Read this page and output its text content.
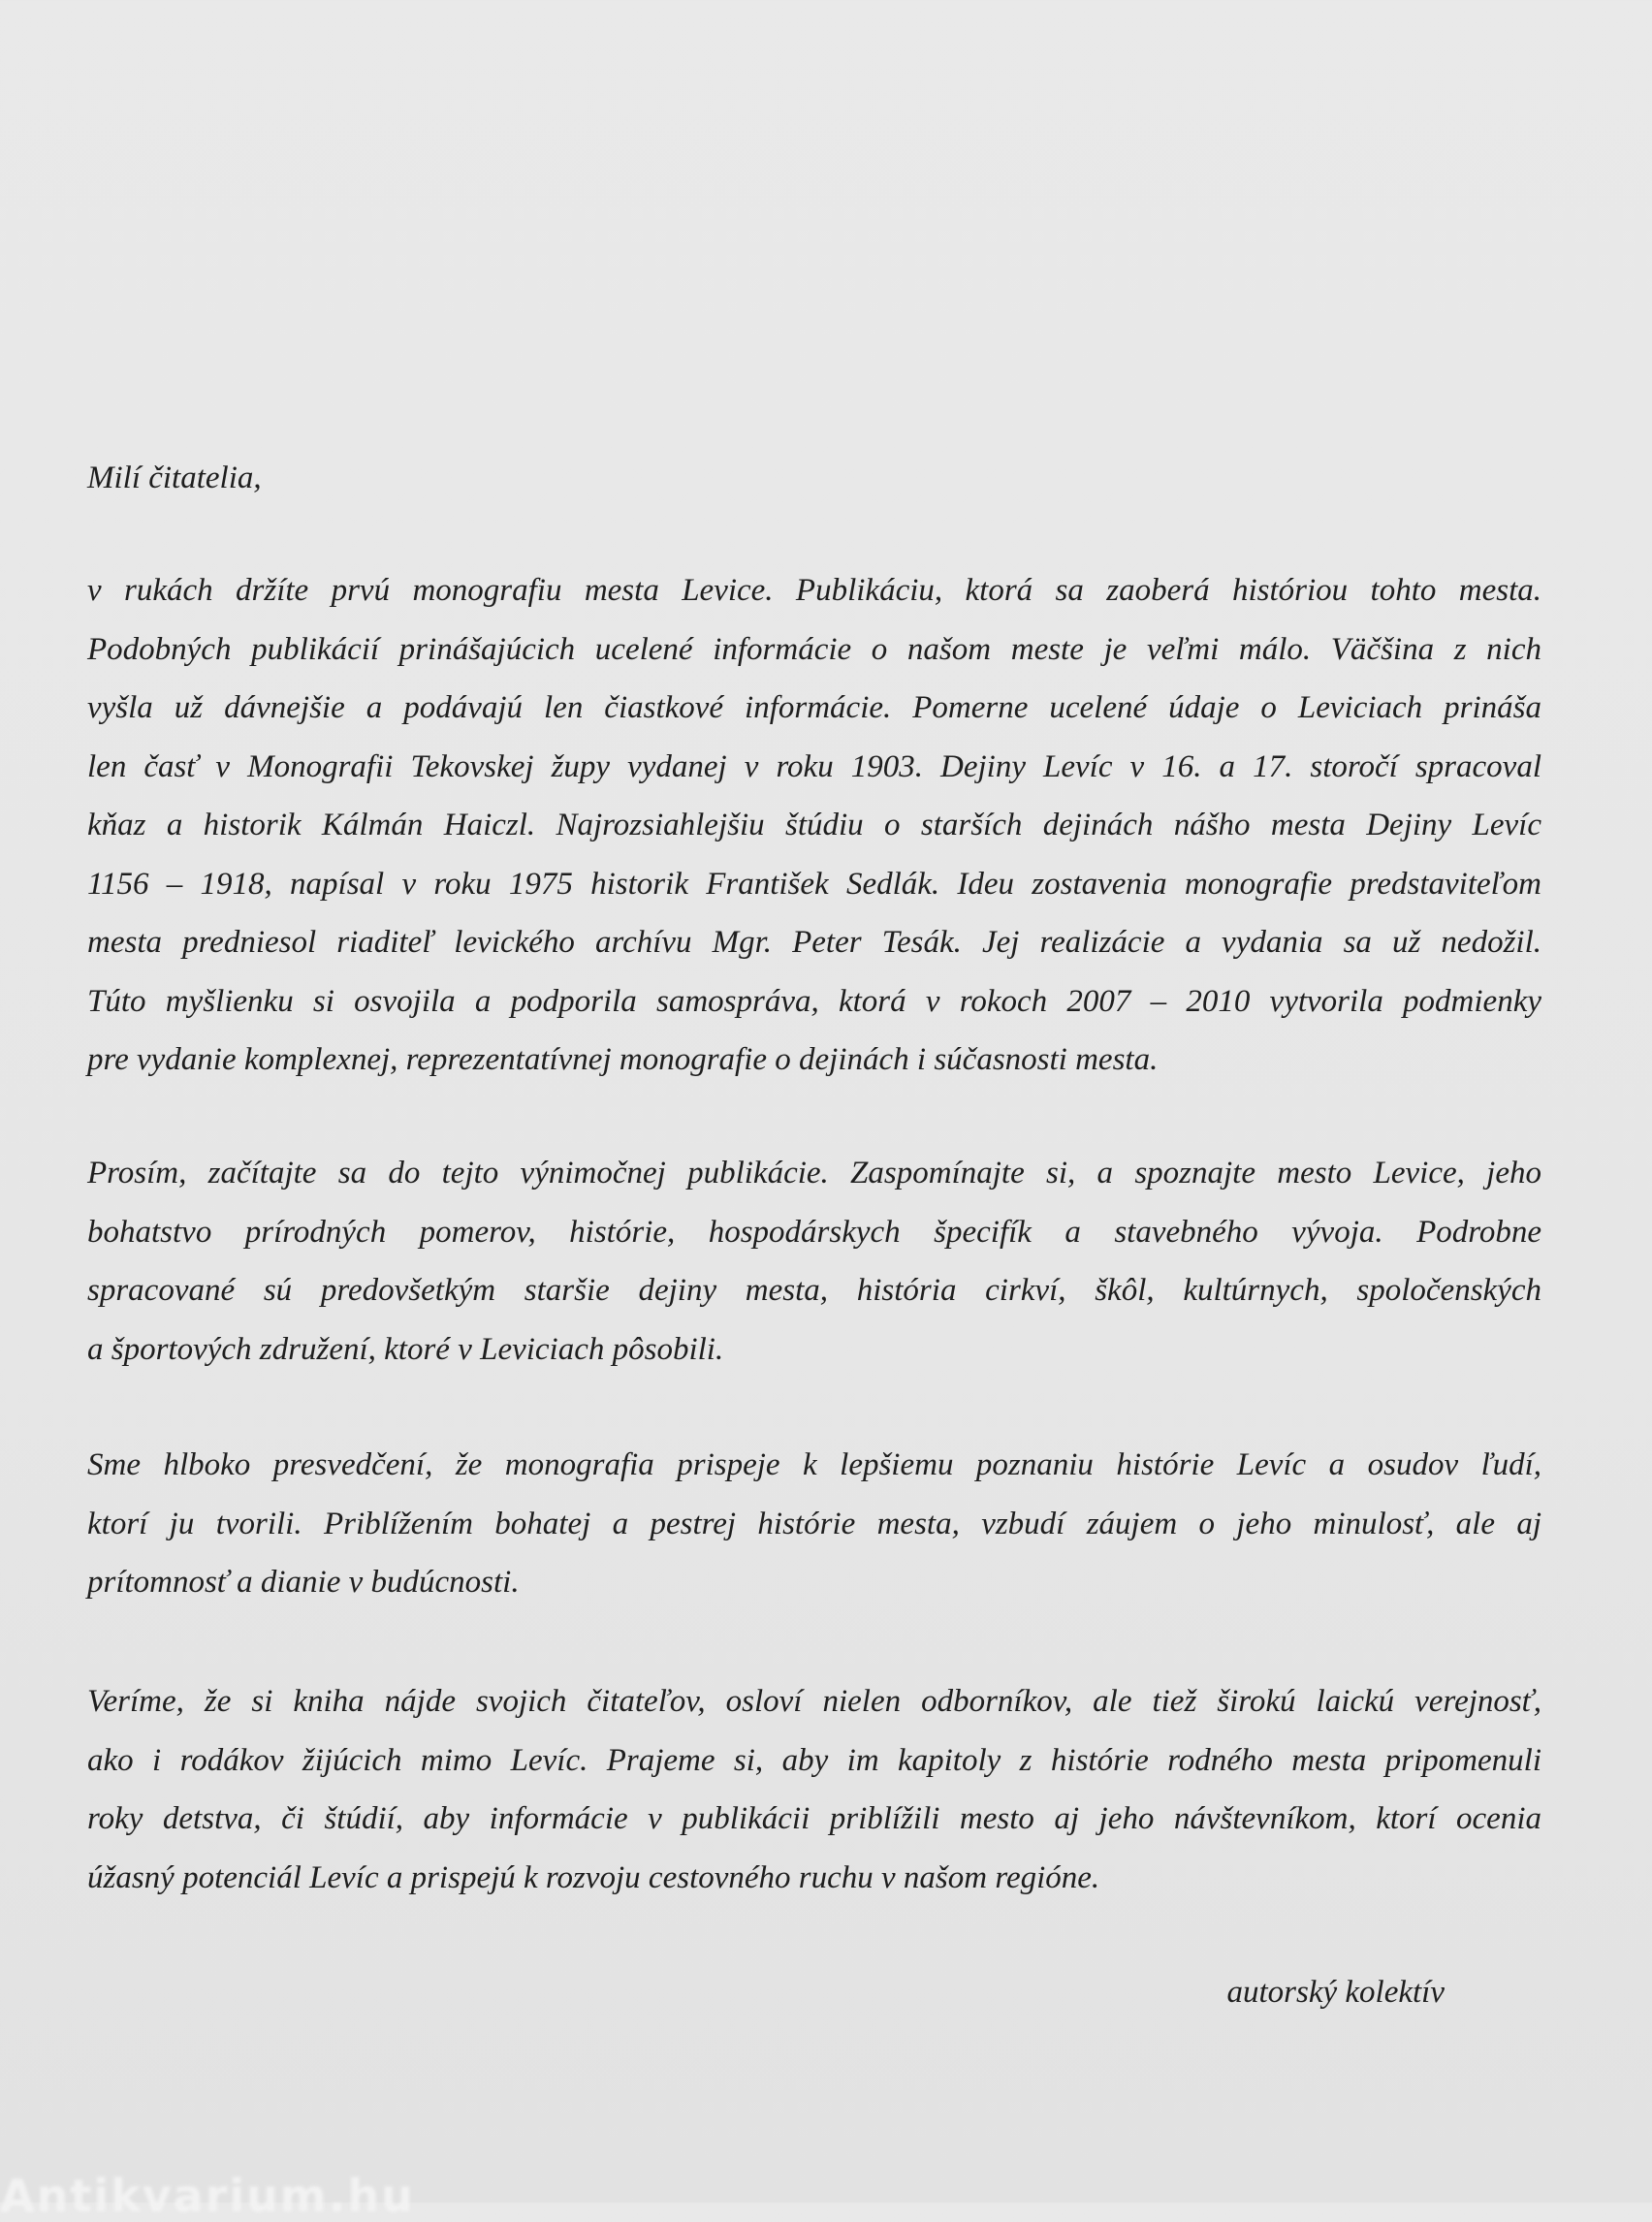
Milí čitatelia,
v rukách držíte prvú monografiu mesta Levice. Publikáciu, ktorá sa zaoberá históriou tohto mesta.
Podobných publikácií prinášajúcich ucelené informácie o našom meste je veľmi málo. Väčšina z nich
vyšla už dávnejšie a podávajú len čiastkové informácie. Pomerne ucelené údaje o Leviciach prináša
len časť v Monografii Tekovskej župy vydanej v roku 1903. Dejiny Levíc v 16. a 17. storočí spracoval
kňaz a historik Kálmán Haiczl. Najrozsiahlejšiu štúdiu o starších dejinách nášho mesta Dejiny Levíc
1156 – 1918, napísal v roku 1975 historik František Sedlák. Ideu zostavenia monografie predstaviteľom
mesta predniesol riaditeľ levického archívu Mgr. Peter Tesák. Jej realizácie a vydania sa už nedožil.
Túto myšlienku si osvojila a podporila samospráva, ktorá v rokoch 2007 – 2010 vytvorila podmienky
pre vydanie komplexnej, reprezentatívnej monografie o dejinách i súčasnosti mesta.
Prosím, začítajte sa do tejto výnimočnej publikácie. Zaspomínajte si, a spoznajte mesto Levice, jeho
bohatstvo prírodných pomerov, histórie, hospodárskych špecifík a stavebného vývoja. Podrobne
spracované sú predovšetkým staršie dejiny mesta, história cirkví, škôl, kultúrnych, spoločenských
a športových združení, ktoré v Leviciach pôsobili.
Sme hlboko presvedčení, že monografia prispeje k lepšiemu poznaniu histórie Levíc a osudov ľudí,
ktorí ju tvorili. Priblížením bohatej a pestrej histórie mesta, vzbudí záujem o jeho minulosť, ale aj
prítomnosť a dianie v budúcnosti.
Veríme, že si kniha nájde svojich čitateľov, osloví nielen odborníkov, ale tiež širokú laickú verejnosť,
ako i rodákov žijúcich mimo Levíc. Prajeme si, aby im kapitoly z histórie rodného mesta pripomenuli
roky detstva, či štúdií, aby informácie v publikácii priblížili mesto aj jeho návštevníkom, ktorí ocenia
úžasný potenciál Levíc a prispejú k rozvoju cestovného ruchu v našom regióne.
autorský kolektív
Antikvarium.hu
